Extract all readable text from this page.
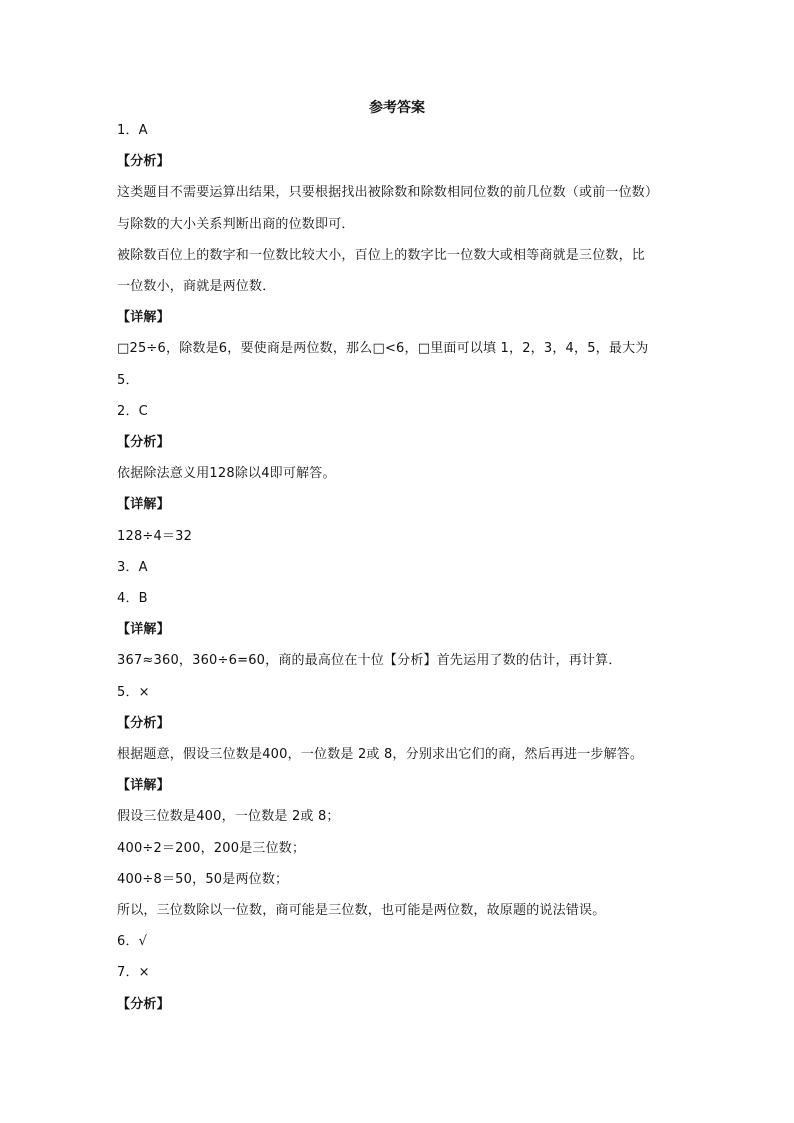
参考答案
1．A
【分析】
这类题目不需要运算出结果，只要根据找出被除数和除数相同位数的前几位数（或前一位数）
与除数的大小关系判断出商的位数即可．
被除数百位上的数字和一位数比较大小，百位上的数字比一位数大或相等商就是三位数，比
一位数小，商就是两位数．
【详解】
□25÷6，除数是6，要使商是两位数，那么□<6，□里面可以填 1，2，3，4，5，最大为
5．
2．C
【分析】
依据除法意义用128除以4即可解答。
【详解】
128÷4＝32
3．A
4．B
【详解】
367≈360，360÷6=60，商的最高位在十位【分析】首先运用了数的估计，再计算．
5．×
【分析】
根据题意，假设三位数是400，一位数是 2或 8，分别求出它们的商，然后再进一步解答。
【详解】
假设三位数是400，一位数是 2或 8；
400÷2＝200，200是三位数；
400÷8＝50，50是两位数；
所以，三位数除以一位数，商可能是三位数，也可能是两位数，故原题的说法错误。
6．√
7．×
【分析】
